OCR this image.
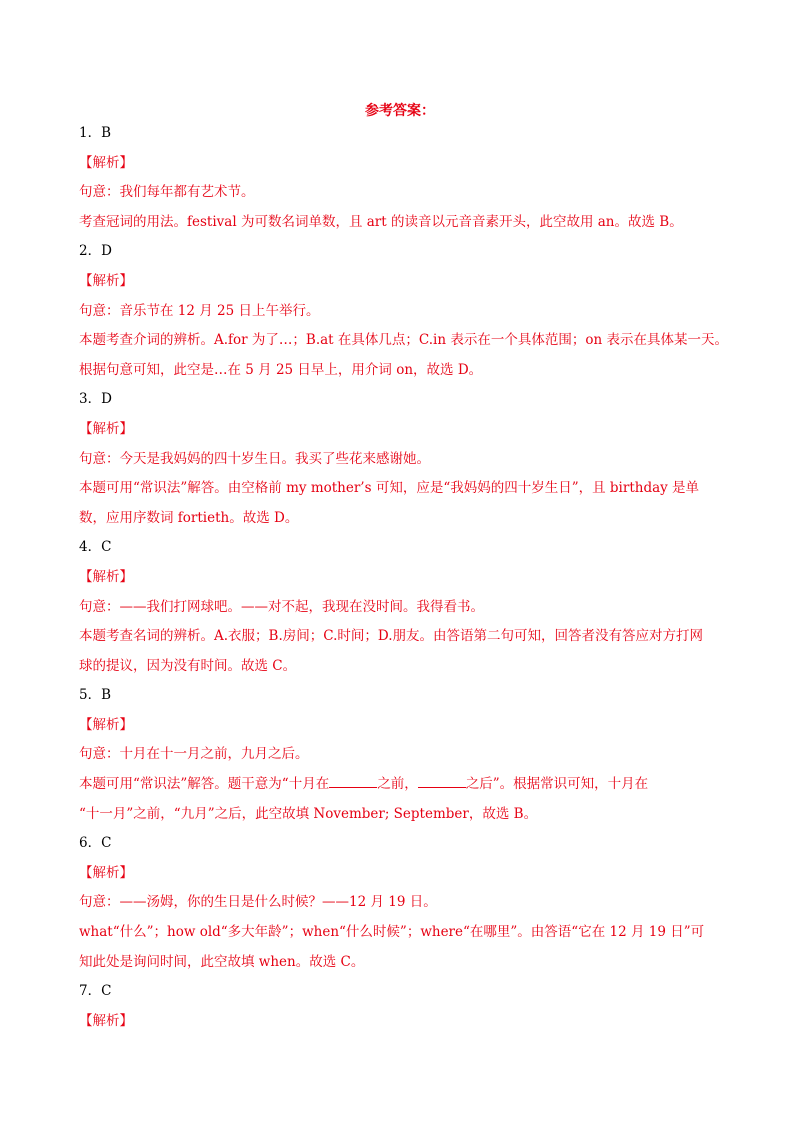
参考答案：
1．B
【解析】
句意：我们每年都有艺术节。
考查冠词的用法。festival 为可数名词单数，且 art 的读音以元音音素开头，此空故用 an。故选 B。
2．D
【解析】
句意：音乐节在 12 月 25 日上午举行。
本题考查介词的辨析。A.for 为了…；B.at 在具体几点；C.in 表示在一个具体范围；on 表示在具体某一天。
根据句意可知，此空是…在 5 月 25 日早上，用介词 on，故选 D。
3．D
【解析】
句意：今天是我妈妈的四十岁生日。我买了些花来感谢她。
本题可用“常识法”解答。由空格前 my mother’s 可知，应是“我妈妈的四十岁生日”，且 birthday 是单
数，应用序数词 fortieth。故选 D。
4．C
【解析】
句意：——我们打网球吧。——对不起，我现在没时间。我得看书。
本题考查名词的辨析。A.衣服；B.房间；C.时间；D.朋友。由答语第二句可知，回答者没有答应对方打网
球的提议，因为没有时间。故选 C。
5．B
【解析】
句意：十月在十一月之前，九月之后。
本题可用“常识法”解答。题干意为“十月在	之前，	之后”。根据常识可知，十月在
“十一月”之前，“九月”之后，此空故填 November; September，故选 B。
6．C
【解析】
句意：——汤姆，你的生日是什么时候？——12 月 19 日。
what“什么”；how old“多大年龄”；when“什么时候”；where“在哪里”。由答语“它在 12 月 19 日”可
知此处是询问时间，此空故填 when。故选 C。
7．C
【解析】
